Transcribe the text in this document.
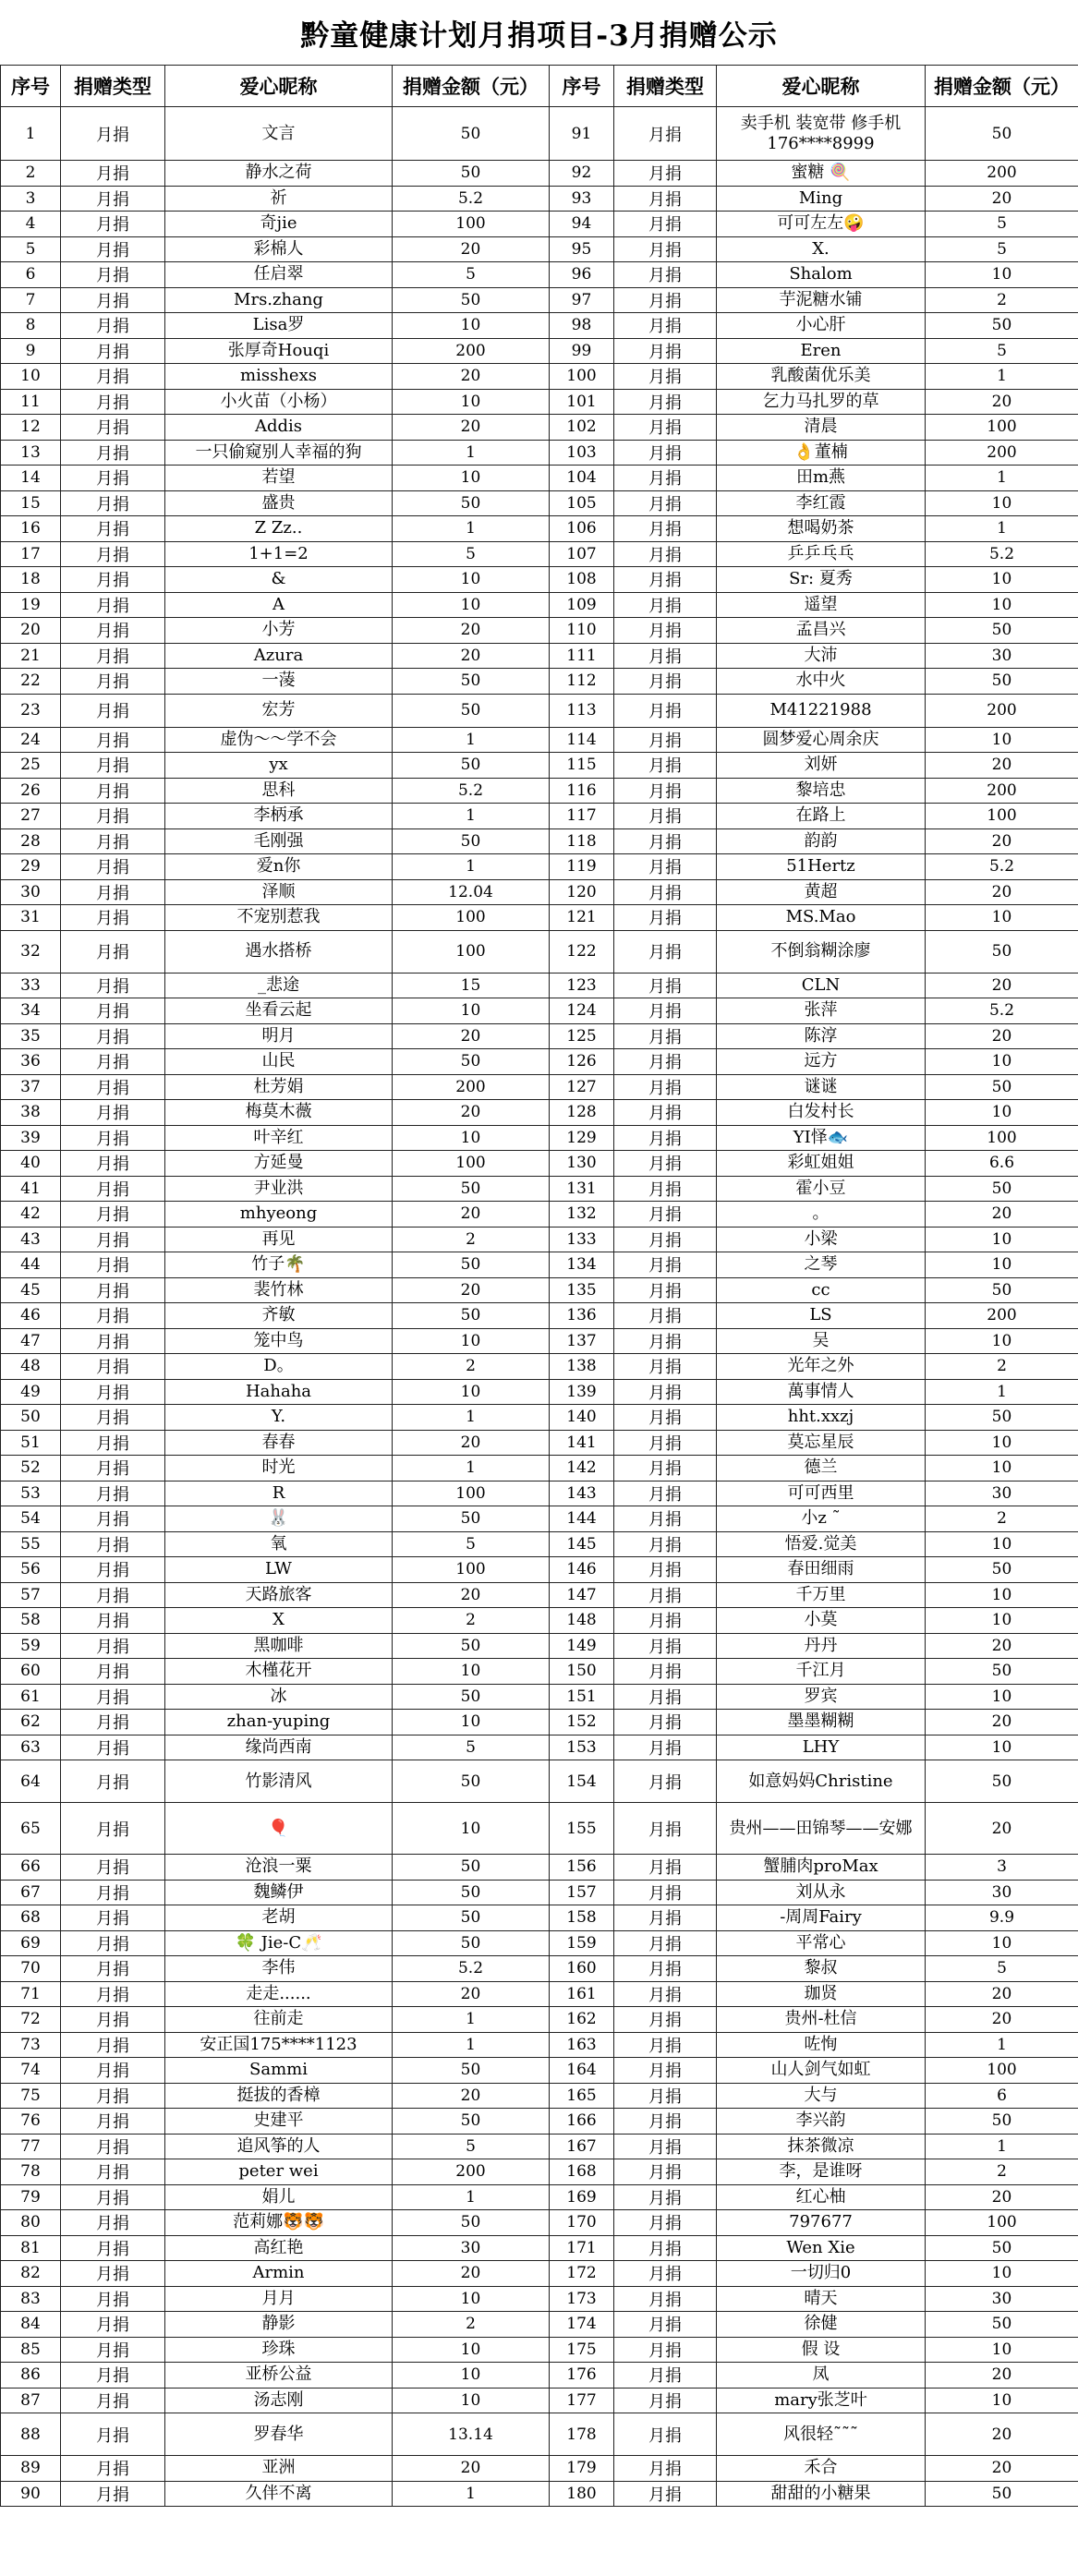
黔童健康计划月捐项目-3月捐赠公示
序号	捐赠类型	爱心昵称	捐赠金额（元）	序号	捐赠类型	爱心昵称	捐赠金额（元）
1	月捐	文言	50	91	月捐	卖手机 装宽带 修手机176****8999	50
2	月捐	静水之荷	50	92	月捐	蜜糖 🍭	200
3	月捐	祈	5.2	93	月捐	Ming	20
4	月捐	奇jie	100	94	月捐	可可左左🤪	5
5	月捐	彩棉人	20	95	月捐	X.	5
6	月捐	任启翠	5	96	月捐	Shalom	10
7	月捐	Mrs.zhang	50	97	月捐	芋泥糖水铺	2
8	月捐	Lisa罗	10	98	月捐	小心肝	50
9	月捐	张厚奇Houqi	200	99	月捐	Eren	5
10	月捐	misshexs	20	100	月捐	乳酸菌优乐美	1
11	月捐	小火苗（小杨）	10	101	月捐	乞力马扎罗的草	20
12	月捐	Addis	20	102	月捐	清晨	100
13	月捐	一只偷窥别人幸福的狗	1	103	月捐	👌董楠	200
14	月捐	若望	10	104	月捐	田m燕	1
15	月捐	盛贵	50	105	月捐	李红霞	10
16	月捐	Z Zz..	1	106	月捐	想喝奶茶	1
17	月捐	1+1=2	5	107	月捐	乒乒乓乓	5.2
18	月捐	&	10	108	月捐	Sr: 夏秀	10
19	月捐	A	10	109	月捐	遥望	10
20	月捐	小芳	20	110	月捐	孟昌兴	50
21	月捐	Azura	20	111	月捐	大沛	30
22	月捐	一蓤	50	112	月捐	水中火	50
23	月捐	宏芳	50	113	月捐	M41221988	200
24	月捐	虚伪～～学不会	1	114	月捐	圆梦爱心周余庆	10
25	月捐	yx	50	115	月捐	刘妍	20
26	月捐	思科	5.2	116	月捐	黎培忠	200
27	月捐	李柄承	1	117	月捐	在路上	100
28	月捐	毛刚强	50	118	月捐	韵韵	20
29	月捐	爱n你	1	119	月捐	51Hertz	5.2
30	月捐	泽顺	12.04	120	月捐	黄超	20
31	月捐	不宠别惹我	100	121	月捐	MS.Mao	10
32	月捐	遇水搭桥	100	122	月捐	不倒翁糊涂廖	50
33	月捐	_悲途	15	123	月捐	CLN	20
34	月捐	坐看云起	10	124	月捐	张萍	5.2
35	月捐	明月	20	125	月捐	陈淳	20
36	月捐	山民	50	126	月捐	远方	10
37	月捐	杜芳娟	200	127	月捐	谜谜	50
38	月捐	梅莫木薇	20	128	月捐	白发村长	10
39	月捐	叶辛红	10	129	月捐	YI怿🐟	100
40	月捐	方延曼	100	130	月捐	彩虹姐姐	6.6
41	月捐	尹业洪	50	131	月捐	霍小豆	50
42	月捐	mhyeong	20	132	月捐	。	20
43	月捐	再见	2	133	月捐	小梁	10
44	月捐	竹子🌴	50	134	月捐	之琴	10
45	月捐	裴竹林	20	135	月捐	cc	50
46	月捐	齐敏	50	136	月捐	LS	200
47	月捐	笼中鸟	10	137	月捐	吴	10
48	月捐	D。	2	138	月捐	光年之外	2
49	月捐	Hahaha	10	139	月捐	萬事情人	1
50	月捐	Y.	1	140	月捐	hht.xxzj	50
51	月捐	春春	20	141	月捐	莫忘星辰	10
52	月捐	时光	1	142	月捐	德兰	10
53	月捐	R	100	143	月捐	可可西里	30
54	月捐	🐰	50	144	月捐	小z ˜	2
55	月捐	氧	5	145	月捐	悟爱.觉美	10
56	月捐	LW	100	146	月捐	春田细雨	50
57	月捐	天路旅客	20	147	月捐	千万里	10
58	月捐	X	2	148	月捐	小莫	10
59	月捐	黑咖啡	50	149	月捐	丹丹	20
60	月捐	木槿花开	10	150	月捐	千江月	50
61	月捐	冰	50	151	月捐	罗宾	10
62	月捐	zhan-yuping	10	152	月捐	墨墨糊糊	20
63	月捐	缘尚西南	5	153	月捐	LHY	10
64	月捐	竹影清风	50	154	月捐	如意妈妈Christine	50
65	月捐	🎈	10	155	月捐	贵州——田锦琴——安娜	20
66	月捐	沧浪一粟	50	156	月捐	蟹脯肉proMax	3
67	月捐	魏鳞伊	50	157	月捐	刘从永	30
68	月捐	老胡	50	158	月捐	-周周Fairy	9.9
69	月捐	🍀 Jie-C🥂	50	159	月捐	平常心	10
70	月捐	李伟	5.2	160	月捐	黎叔	5
71	月捐	走走......	20	161	月捐	珈贤	20
72	月捐	往前走	1	162	月捐	贵州-杜信	20
73	月捐	安正国175****1123	1	163	月捐	咗恂	1
74	月捐	Sammi	50	164	月捐	山人剑气如虹	100
75	月捐	挺拔的香樟	20	165	月捐	大与	6
76	月捐	史建平	50	166	月捐	李兴韵	50
77	月捐	追风筝的人	5	167	月捐	抹茶微凉	1
78	月捐	peter wei	200	168	月捐	李，是谁呀	2
79	月捐	娟儿	1	169	月捐	红心柚	20
80	月捐	范莉娜🐯🐯	50	170	月捐	797677	100
81	月捐	高红艳	30	171	月捐	Wen Xie	50
82	月捐	Armin	20	172	月捐	一切归0	10
83	月捐	月月	10	173	月捐	晴天	30
84	月捐	静影	2	174	月捐	徐健	50
85	月捐	珍珠	10	175	月捐	假 设	10
86	月捐	亚桥公益	10	176	月捐	凤	20
87	月捐	汤志刚	10	177	月捐	mary张芝叶	10
88	月捐	罗春华	13.14	178	月捐	风很轻˜˜˜	20
89	月捐	亚洲	20	179	月捐	禾合	20
90	月捐	久伴不离	1	180	月捐	甜甜的小糖果	50
